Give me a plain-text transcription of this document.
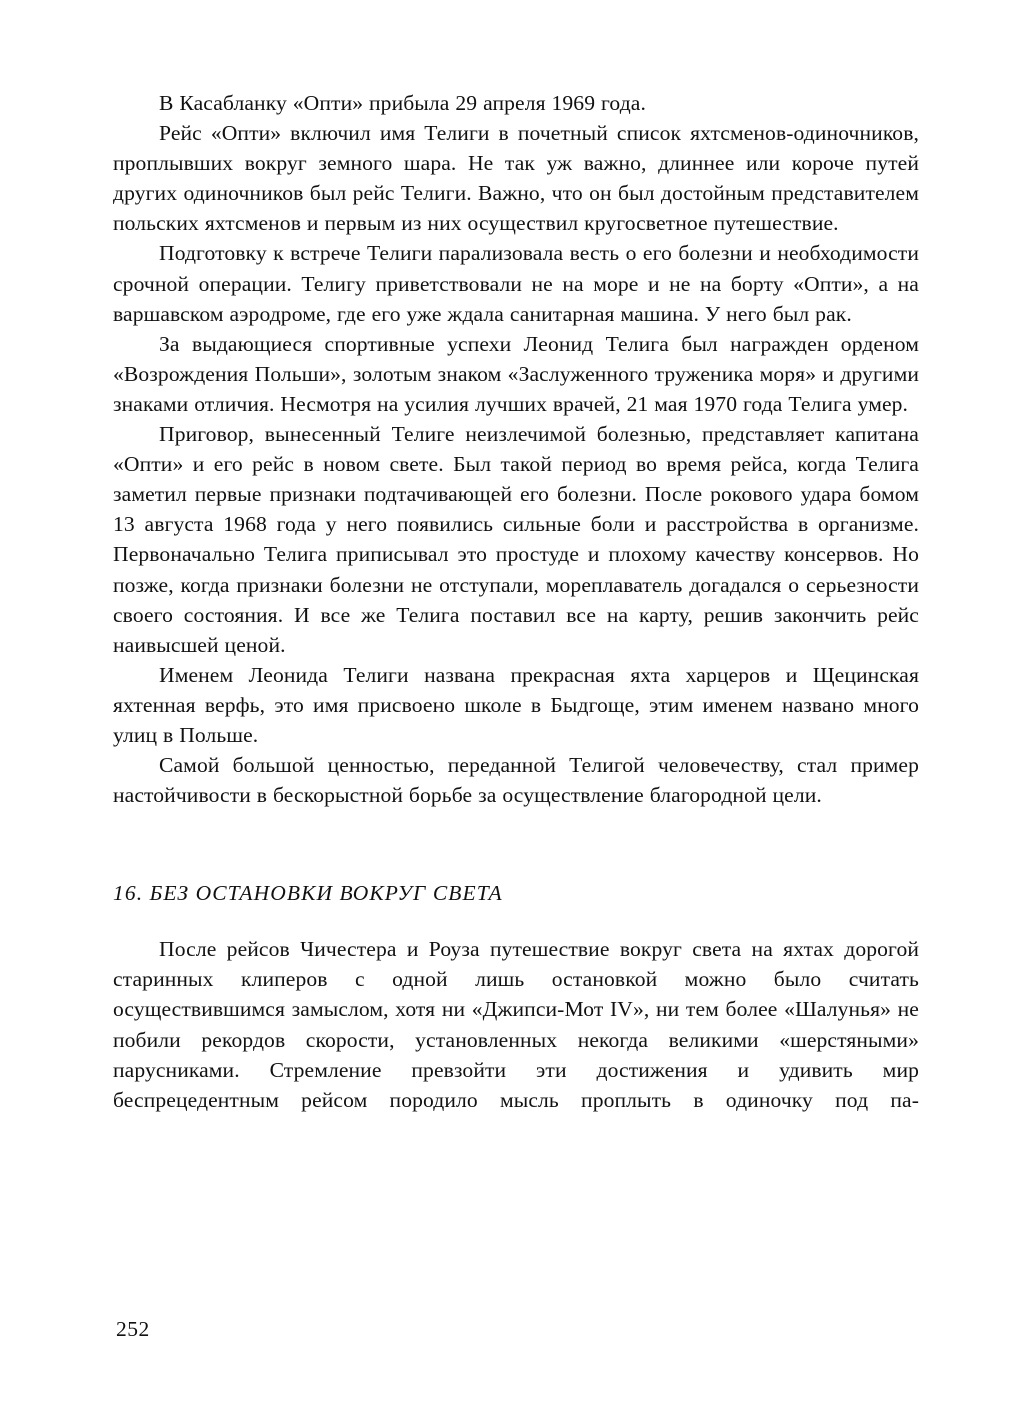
В Касабланку «Опти» прибыла 29 апреля 1969 года.

Рейс «Опти» включил имя Телиги в почетный список яхтсменов-одиночников, проплывших вокруг земного шара. Не так уж важно, длиннее или короче путей других одиночников был рейс Телиги. Важно, что он был достойным представителем польских яхтсменов и первым из них осуществил кругосветное путешествие.

Подготовку к встрече Телиги парализовала весть о его болезни и необходимости срочной операции. Телигу приветствовали не на море и не на борту «Опти», а на варшавском аэродроме, где его уже ждала санитарная машина. У него был рак.

За выдающиеся спортивные успехи Леонид Телига был награжден орденом «Возрождения Польши», золотым знаком «Заслуженного труженика моря» и другими знаками отличия. Несмотря на усилия лучших врачей, 21 мая 1970 года Телига умер.

Приговор, вынесенный Телиге неизлечимой болезнью, представляет капитана «Опти» и его рейс в новом свете. Был такой период во время рейса, когда Телига заметил первые признаки подтачивающей его болезни. После рокового удара бомом 13 августа 1968 года у него появились сильные боли и расстройства в организме. Первоначально Телига приписывал это простуде и плохому качеству консервов. Но позже, когда признаки болезни не отступали, мореплаватель догадался о серьезности своего состояния. И все же Телига поставил все на карту, решив закончить рейс наивысшей ценой.

Именем Леонида Телиги названа прекрасная яхта харцеров и Щецинская яхтенная верфь, это имя присвоено школе в Быдгоще, этим именем названо много улиц в Польше.

Самой большой ценностью, переданной Телигой человечеству, стал пример настойчивости в бескорыстной борьбе за осуществление благородной цели.

16. БЕЗ ОСТАНОВКИ ВОКРУГ СВЕТА

После рейсов Чичестера и Роуза путешествие вокруг света на яхтах дорогой старинных клиперов с одной лишь остановкой можно было считать осуществившимся замыслом, хотя ни «Джипси-Мот IV», ни тем более «Шалунья» не побили рекордов скорости, установленных некогда великими «шерстяными» парусниками. Стремление превзойти эти достижения и удивить мир беспрецедентным рейсом породило мысль проплыть в одиночку под па-

252
